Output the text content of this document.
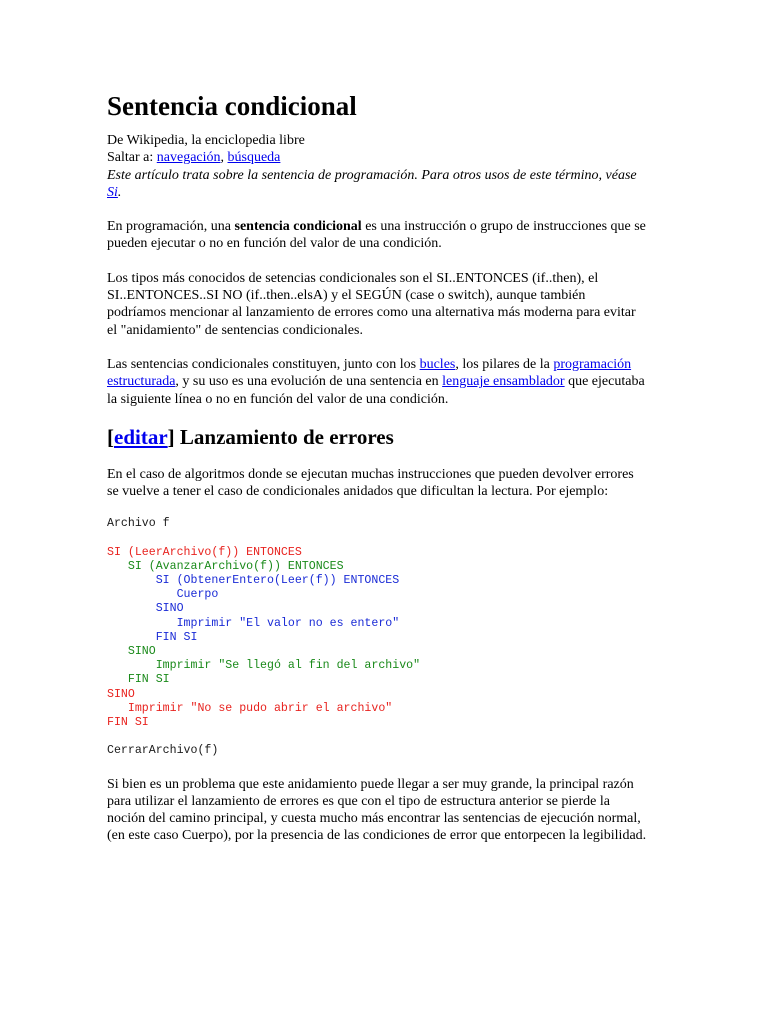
Sentencia condicional

De Wikipedia, la enciclopedia libre

Saltar a: navegación, búsqueda

Este artículo trata sobre la sentencia de programación. Para otros usos de este término, véase Si.

En programación, una sentencia condicional es una instrucción o grupo de instrucciones que se pueden ejecutar o no en función del valor de una condición.

Los tipos más conocidos de setencias condicionales son el SI..ENTONCES (if..then), el SI..ENTONCES..SI NO (if..then..elsA) y el SEGÚN (case o switch), aunque también podríamos mencionar al lanzamiento de errores como una alternativa más moderna para evitar el "anidamiento" de sentencias condicionales.

Las sentencias condicionales constituyen, junto con los bucles, los pilares de la programación estructurada, y su uso es una evolución de una sentencia en lenguaje ensamblador que ejecutaba la siguiente línea o no en función del valor de una condición.

[editar] Lanzamiento de errores

En el caso de algoritmos donde se ejecutan muchas instrucciones que pueden devolver errores se vuelve a tener el caso de condicionales anidados que dificultan la lectura. Por ejemplo:

Archivo f
SI (LeerArchivo(f)) ENTONCES
SI (AvanzarArchivo(f)) ENTONCES
SI (ObtenerEntero(Leer(f)) ENTONCES
Cuerpo
SINO
Imprimir "El valor no es entero"
FIN SI
SINO
Imprimir "Se llegó al fin del archivo"
FIN SI
SINO
Imprimir "No se pudo abrir el archivo"
FIN SI
CerrarArchivo(f)

Si bien es un problema que este anidamiento puede llegar a ser muy grande, la principal razón para utilizar el lanzamiento de errores es que con el tipo de estructura anterior se pierde la noción del camino principal, y cuesta mucho más encontrar las sentencias de ejecución normal, (en este caso Cuerpo), por la presencia de las condiciones de error que entorpecen la legibilidad.
